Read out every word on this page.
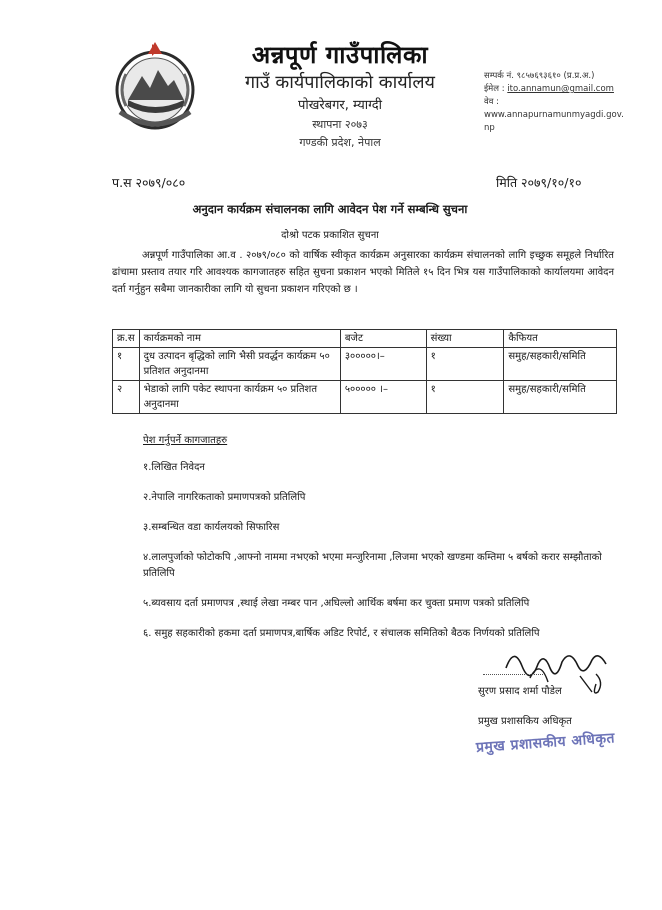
अन्नपूर्ण गाउँपालिका
गाउँ कार्यपालिकाको कार्यालय
पोखरेबगर, म्याग्दी
स्थापना २०७३
गण्डकी प्रदेश, नेपाल
सम्पर्क नं. ९८५७६९३६१० (प्र.प्र.अ.)
ईमेल : ito.annamun@gmail.com
वेव :
www.annapurnamunmyagdi.gov.
np
प.स २०७९/०८०	मिति २०७९/१०/१०
अनुदान कार्यक्रम संचालनका लागि आवेदन पेश गर्ने सम्बन्धि सुचना
दोश्रो पटक प्रकाशित सुचना
अन्नपूर्ण गाउँपालिका आ.व . २०७९/०८० को वार्षिक स्वीकृत कार्यक्रम अनुसारका कार्यक्रम संचालनको लागि इच्छुक समूहले निर्धारित ढांचामा प्रस्ताव तयार गरि आवश्यक कागजातहरु सहित सुचना प्रकाशन भएको मितिले १५ दिन भित्र यस गाउँपालिकाको कार्यालयमा आवेदन दर्ता गर्नुहुन सबैमा जानकारीका लागि यो सुचना प्रकाशन गरिएको छ ।
क्र.स	कार्यक्रमको नाम	बजेट	संख्या	कैफियत
१	दुध उत्पादन बृद्धिको लागि भैसी प्रवर्द्धन कार्यक्रम ५० प्रतिशत अनुदानमा	३०००००।–	१	समुह/सहकारी/समिति
२	भेडाको लागि पकेट स्थापना कार्यक्रम ५० प्रतिशत अनुदानमा	५००००० ।–	१	समुह/सहकारी/समिति
पेश गर्नुपर्ने कागजातहरु
१.लिखित निवेदन
२.नेपालि नागरिकताको प्रमाणपत्रको प्रतिलिपि
३.सम्बन्धित वडा कार्यलयको सिफारिस
४.लालपुर्जाको फोटोकपि ,आफ्नो नाममा नभएको भएमा मन्जुरिनामा ,लिजमा भएको खण्डमा कम्तिमा ५ बर्षको करार सम्झौताको प्रतिलिपि
५.ब्यवसाय दर्ता प्रमाणपत्र ,स्थाई लेखा नम्बर पान ,अघिल्लो आर्थिक बर्षमा कर चुक्ता प्रमाण पत्रको प्रतिलिपि
६. समुह सहकारीको हकमा दर्ता प्रमाणपत्र,बार्षिक अडिट रिपोर्ट, र संचालक समितिको बैठक निर्णयको प्रतिलिपि
सुरण प्रसाद शर्मा पौडेल
प्रमुख प्रशासकिय अधिकृत
प्रमुख प्रशासकीय अधिकृत
